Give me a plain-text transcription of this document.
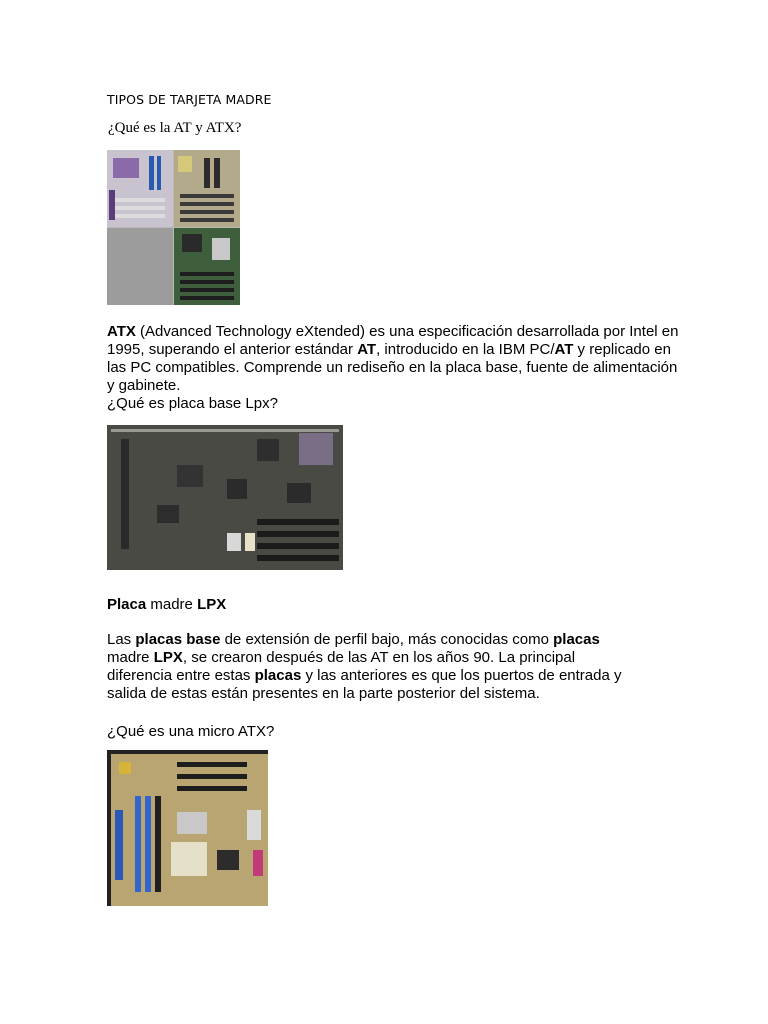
TIPOS DE TARJETA MADRE
¿Qué es la AT y ATX?
ATX (Advanced Technology eXtended) es una especificación desarrollada por Intel en 1995, superando el anterior estándar AT, introducido en la IBM PC/AT y replicado en las PC compatibles. Comprende un rediseño en la placa base, fuente de alimentación y gabinete.
¿Qué es placa base Lpx?
Placa madre LPX
Las placas base de extensión de perfil bajo, más conocidas como placas madre LPX, se crearon después de las AT en los años 90. La principal diferencia entre estas placas y las anteriores es que los puertos de entrada y salida de estas están presentes en la parte posterior del sistema.
¿Qué es una micro ATX?
